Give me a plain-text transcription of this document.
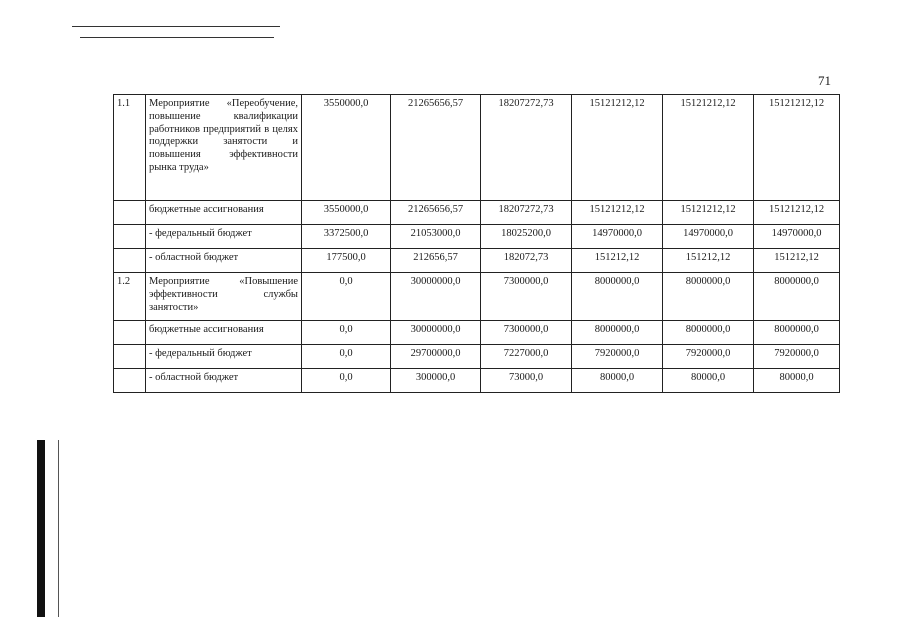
71
1.1	Мероприятие «Переобучение, повышение квалификации работников предприятий в целях поддержки занятости и повышения эффективности рынка труда»	3550000,0	21265656,57	18207272,73	15121212,12	15121212,12	15121212,12
	бюджетные ассигнования	3550000,0	21265656,57	18207272,73	15121212,12	15121212,12	15121212,12
	- федеральный бюджет	3372500,0	21053000,0	18025200,0	14970000,0	14970000,0	14970000,0
	- областной бюджет	177500,0	212656,57	182072,73	151212,12	151212,12	151212,12
1.2	Мероприятие «Повышение эффективности службы занятости»	0,0	30000000,0	7300000,0	8000000,0	8000000,0	8000000,0
	бюджетные ассигнования	0,0	30000000,0	7300000,0	8000000,0	8000000,0	8000000,0
	- федеральный бюджет	0,0	29700000,0	7227000,0	7920000,0	7920000,0	7920000,0
	- областной бюджет	0,0	300000,0	73000,0	80000,0	80000,0	80000,0
